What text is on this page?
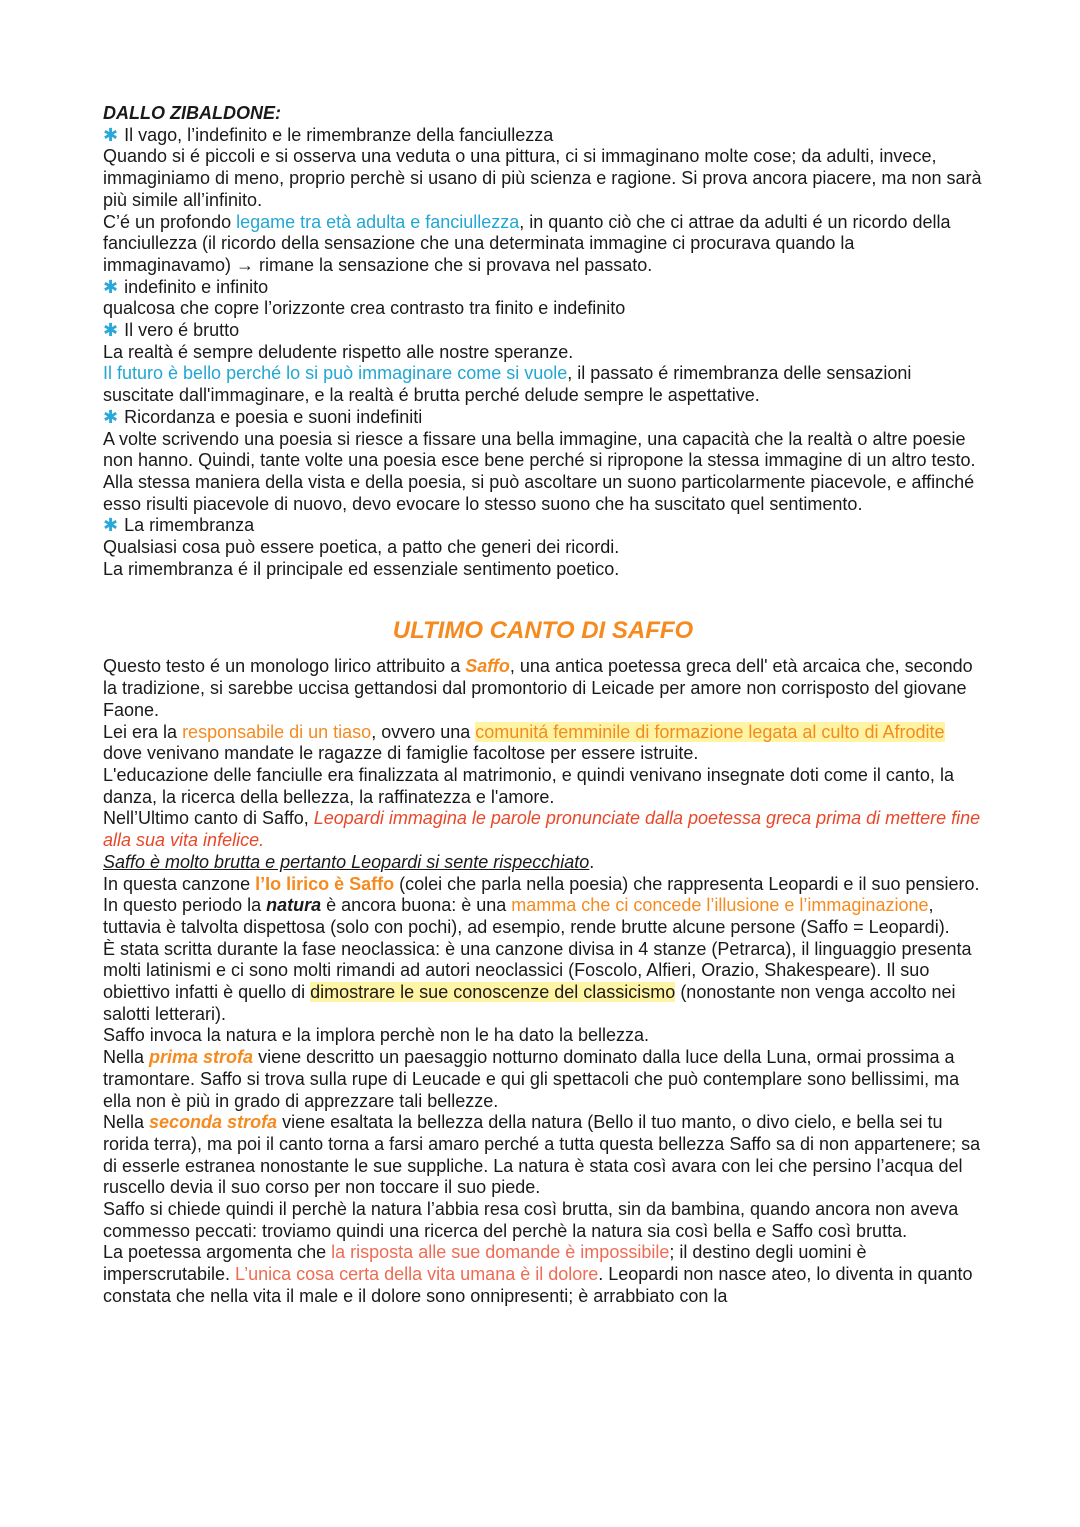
DALLO ZIBALDONE:

✱ Il vago, l’indefinito e le rimembranze della fanciullezza

Quando si é piccoli e si osserva una veduta o una pittura, ci si immaginano molte cose; da adulti, invece, immaginiamo di meno, proprio perchè si usano di più scienza e ragione. Si prova ancora piacere, ma non sarà più simile all’infinito.

C’é un profondo legame tra età adulta e fanciullezza, in quanto ciò che ci attrae da adulti é un ricordo della fanciullezza (il ricordo della sensazione che una determinata immagine ci procurava quando la immaginavamo) → rimane la sensazione che si provava nel passato.

✱ indefinito e infinito

qualcosa che copre l’orizzonte crea contrasto tra finito e indefinito

✱ Il vero é brutto

La realtà é sempre deludente rispetto alle nostre speranze.

Il futuro è bello perché lo si può immaginare come si vuole, il passato é rimembranza delle sensazioni suscitate dall'immaginare, e la realtà é brutta perché delude sempre le aspettative.

✱ Ricordanza e poesia e suoni indefiniti

A volte scrivendo una poesia si riesce a fissare una bella immagine, una capacità che la realtà o altre poesie non hanno. Quindi, tante volte una poesia esce bene perché si ripropone la stessa immagine di un altro testo. Alla stessa maniera della vista e della poesia, si può ascoltare un suono particolarmente piacevole, e affinché esso risulti piacevole di nuovo, devo evocare lo stesso suono che ha suscitato quel sentimento.

✱ La rimembranza

Qualsiasi cosa può essere poetica, a patto che generi dei ricordi.

La rimembranza é il principale ed essenziale sentimento poetico.

ULTIMO CANTO DI SAFFO

Questo testo é un monologo lirico attribuito a Saffo, una antica poetessa greca dell' età arcaica che, secondo la tradizione, si sarebbe uccisa gettandosi dal promontorio di Leicade per amore non corrisposto del giovane Faone.

Lei era la responsabile di un tiaso, ovvero una comunitá femminile di formazione legata al culto di Afrodite dove venivano mandate le ragazze di famiglie facoltose per essere istruite.

L'educazione delle fanciulle era finalizzata al matrimonio, e quindi venivano insegnate doti come il canto, la danza, la ricerca della bellezza, la raffinatezza e l'amore.

Nell’Ultimo canto di Saffo, Leopardi immagina le parole pronunciate dalla poetessa greca prima di mettere fine alla sua vita infelice.

Saffo è molto brutta e pertanto Leopardi si sente rispecchiato.

In questa canzone l’Io lirico è Saffo (colei che parla nella poesia) che rappresenta Leopardi e il suo pensiero.

In questo periodo la natura è ancora buona: è una mamma che ci concede l’illusione e l’immaginazione, tuttavia è talvolta dispettosa (solo con pochi), ad esempio, rende brutte alcune persone (Saffo = Leopardi).

È stata scritta durante la fase neoclassica: è una canzone divisa in 4 stanze (Petrarca), il linguaggio presenta molti latinismi e ci sono molti rimandi ad autori neoclassici (Foscolo, Alfieri, Orazio, Shakespeare). Il suo obiettivo infatti è quello di dimostrare le sue conoscenze del classicismo (nonostante non venga accolto nei salotti letterari).

Saffo invoca la natura e la implora perchè non le ha dato la bellezza.

Nella prima strofa viene descritto un paesaggio notturno dominato dalla luce della Luna, ormai prossima a tramontare. Saffo si trova sulla rupe di Leucade e qui gli spettacoli che può contemplare sono bellissimi, ma ella non è più in grado di apprezzare tali bellezze.

Nella seconda strofa viene esaltata la bellezza della natura (Bello il tuo manto, o divo cielo, e bella sei tu rorida terra), ma poi il canto torna a farsi amaro perché a tutta questa bellezza Saffo sa di non appartenere; sa di esserle estranea nonostante le sue suppliche. La natura è stata così avara con lei che persino l’acqua del ruscello devia il suo corso per non toccare il suo piede.

Saffo si chiede quindi il perchè la natura l’abbia resa così brutta, sin da bambina, quando ancora non aveva commesso peccati: troviamo quindi una ricerca del perchè la natura sia così bella e Saffo così brutta.

La poetessa argomenta che la risposta alle sue domande è impossibile; il destino degli uomini è imperscrutabile. L’unica cosa certa della vita umana è il dolore. Leopardi non nasce ateo, lo diventa in quanto constata che nella vita il male e il dolore sono onnipresenti; è arrabbiato con la
